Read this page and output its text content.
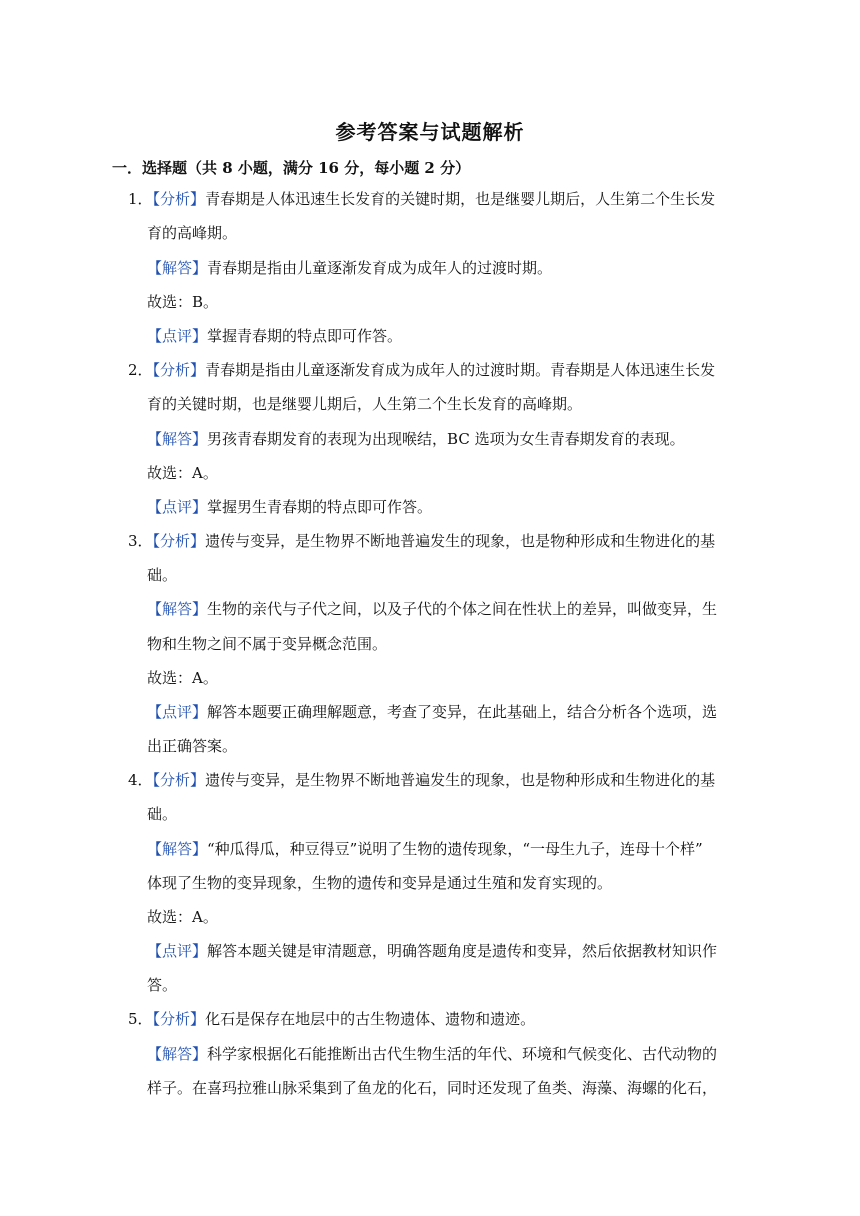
参考答案与试题解析
一．选择题（共 8 小题，满分 16 分，每小题 2 分）
1．【分析】青春期是人体迅速生长发育的关键时期，也是继婴儿期后，人生第二个生长发
育的高峰期。
【解答】青春期是指由儿童逐渐发育成为成年人的过渡时期。
故选：B。
【点评】掌握青春期的特点即可作答。
2．【分析】青春期是指由儿童逐渐发育成为成年人的过渡时期。青春期是人体迅速生长发
育的关键时期，也是继婴儿期后，人生第二个生长发育的高峰期。
【解答】男孩青春期发育的表现为出现喉结，BC 选项为女生青春期发育的表现。
故选：A。
【点评】掌握男生青春期的特点即可作答。
3．【分析】遗传与变异，是生物界不断地普遍发生的现象，也是物种形成和生物进化的基
础。
【解答】生物的亲代与子代之间，以及子代的个体之间在性状上的差异，叫做变异，生
物和生物之间不属于变异概念范围。
故选：A。
【点评】解答本题要正确理解题意，考查了变异，在此基础上，结合分析各个选项，选
出正确答案。
4．【分析】遗传与变异，是生物界不断地普遍发生的现象，也是物种形成和生物进化的基
础。
【解答】“种瓜得瓜，种豆得豆”说明了生物的遗传现象，“一母生九子，连母十个样”
体现了生物的变异现象，生物的遗传和变异是通过生殖和发育实现的。
故选：A。
【点评】解答本题关键是审清题意，明确答题角度是遗传和变异，然后依据教材知识作
答。
5．【分析】化石是保存在地层中的古生物遗体、遗物和遗迹。
【解答】科学家根据化石能推断出古代生物生活的年代、环境和气候变化、古代动物的
样子。在喜玛拉雅山脉采集到了鱼龙的化石，同时还发现了鱼类、海藻、海螺的化石，
